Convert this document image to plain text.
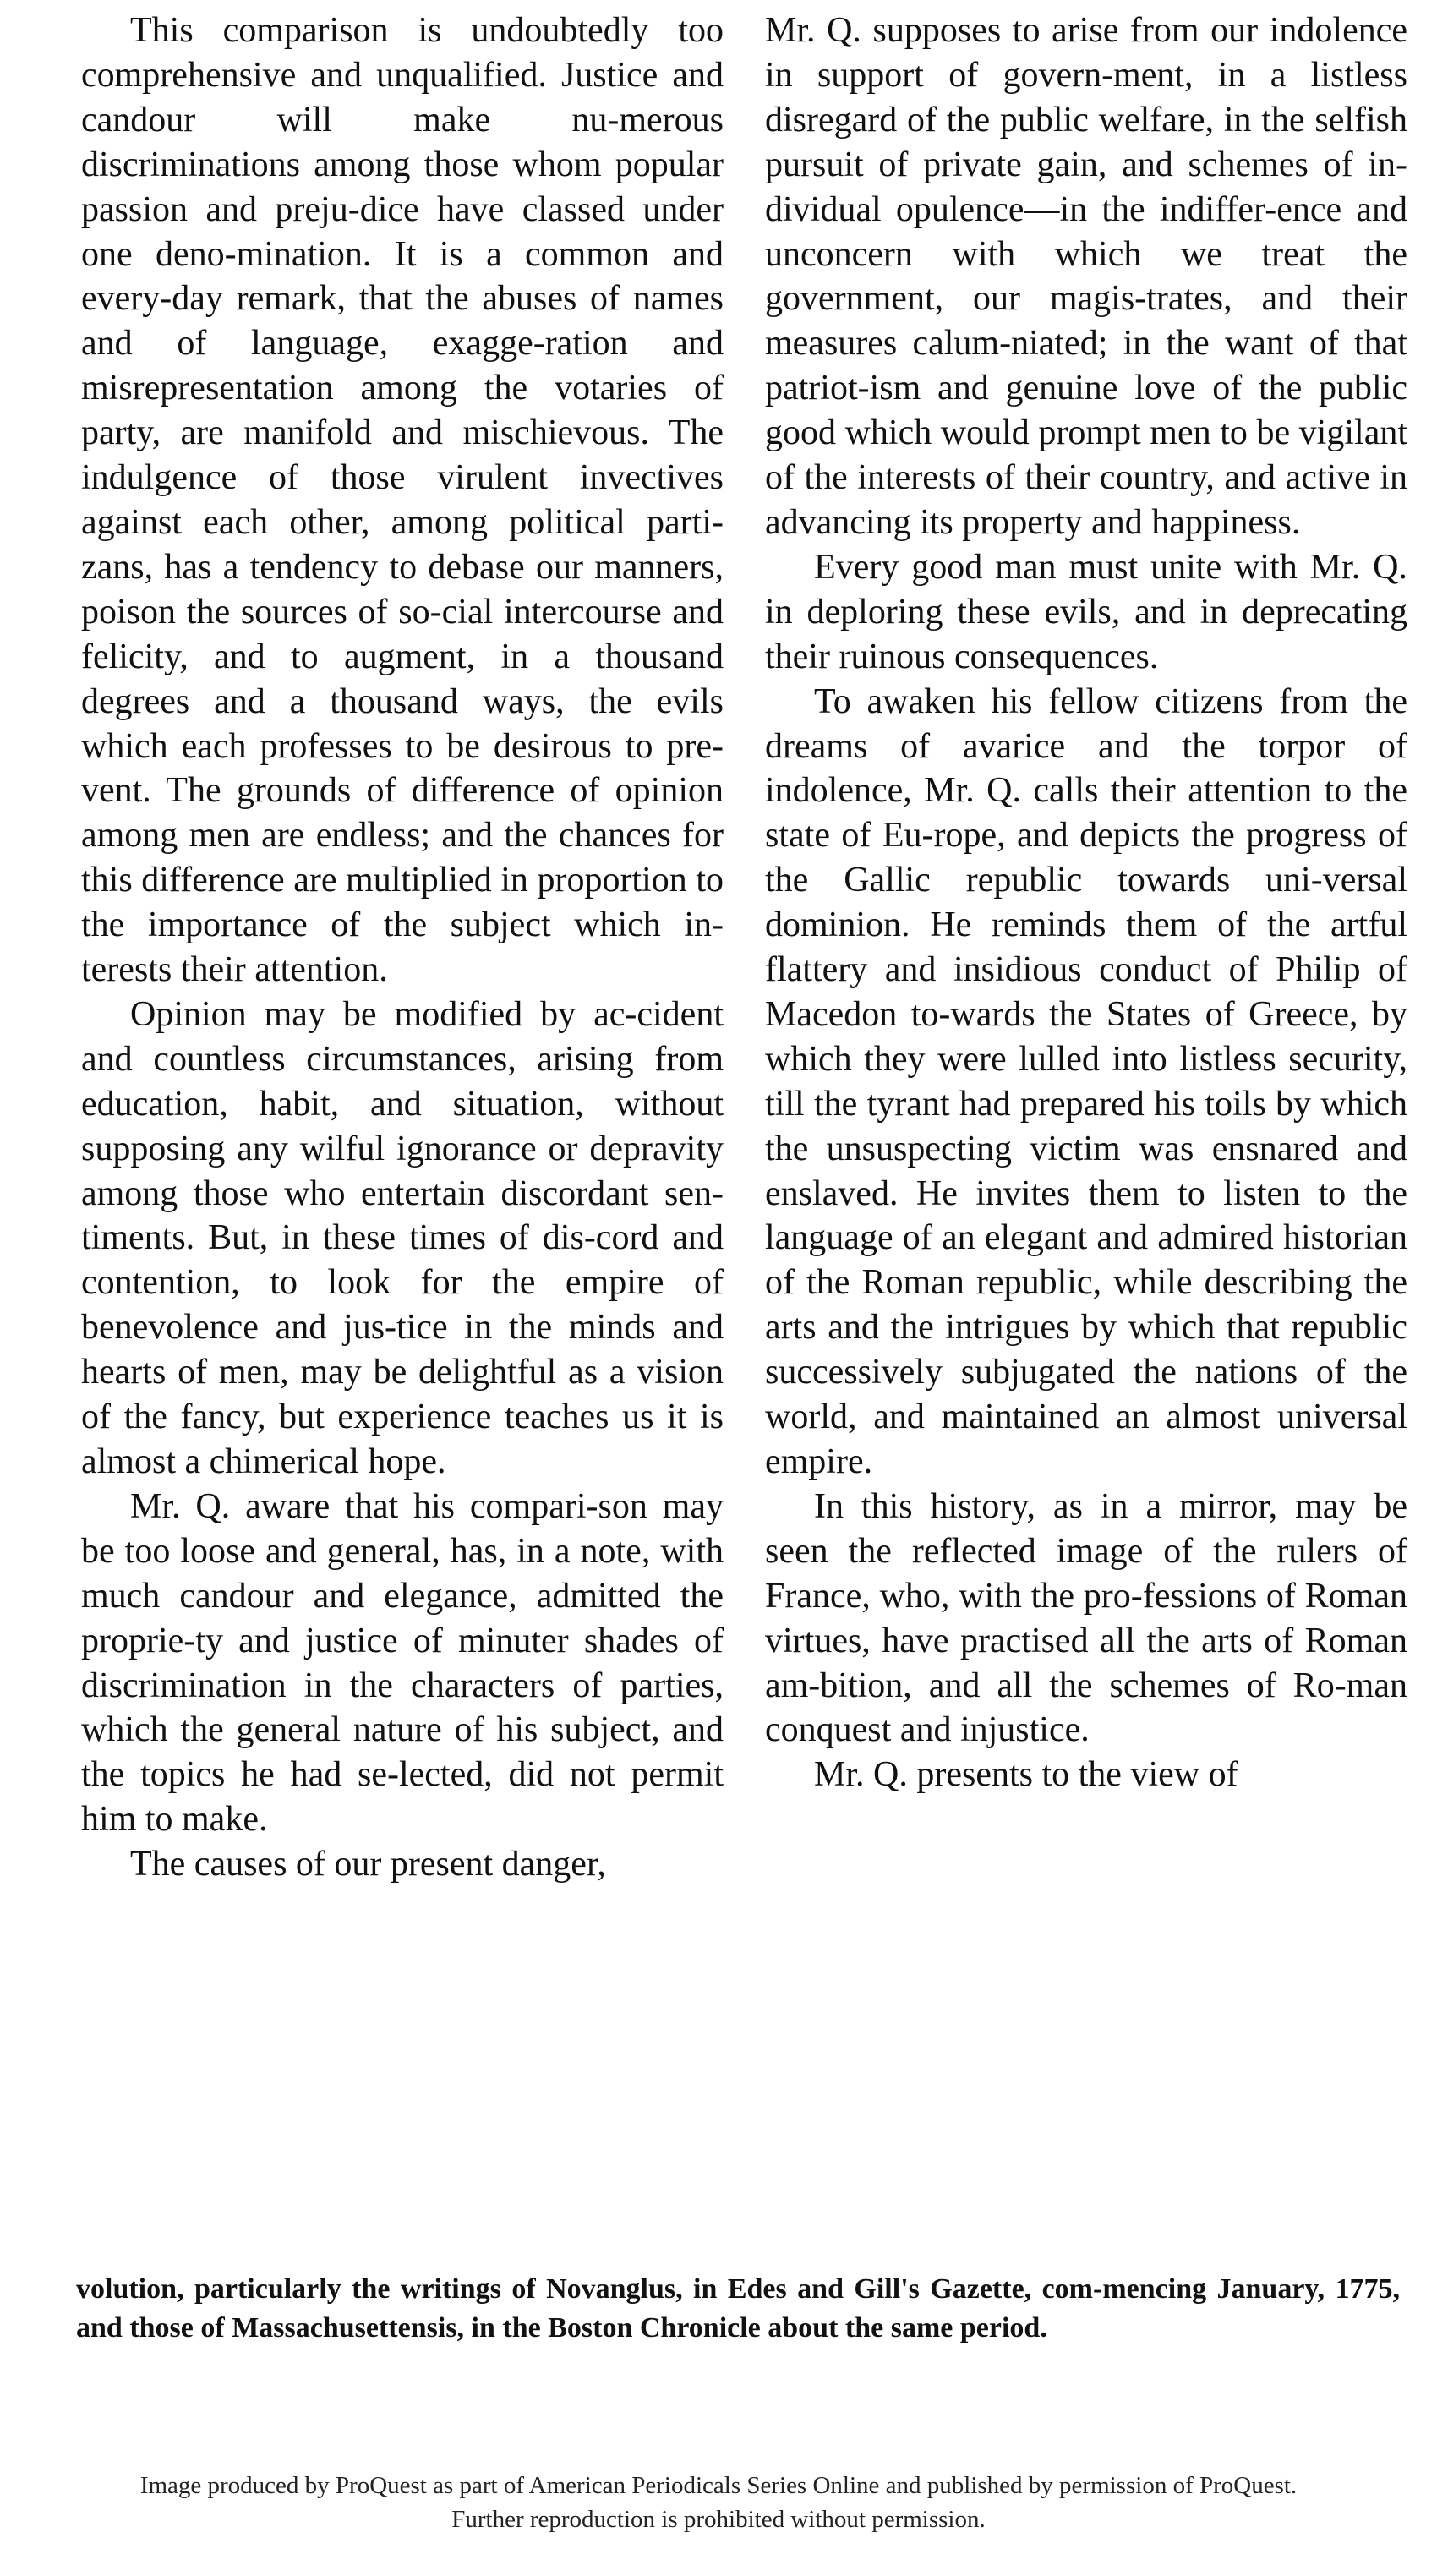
This comparison is undoubtedly too comprehensive and unqualified. Justice and candour will make nu-merous discriminations among those whom popular passion and preju-dice have classed under one deno-mination. It is a common and every-day remark, that the abuses of names and of language, exagge-ration and misrepresentation among the votaries of party, are manifold and mischievous. The indulgence of those virulent invectives against each other, among political parti-zans, has a tendency to debase our manners, poison the sources of so-cial intercourse and felicity, and to augment, in a thousand degrees and a thousand ways, the evils which each professes to be desirous to pre-vent. The grounds of difference of opinion among men are endless; and the chances for this difference are multiplied in proportion to the importance of the subject which in-terests their attention.

Opinion may be modified by ac-cident and countless circumstances, arising from education, habit, and situation, without supposing any wilful ignorance or depravity among those who entertain discordant sen-timents. But, in these times of dis-cord and contention, to look for the empire of benevolence and jus-tice in the minds and hearts of men, may be delightful as a vision of the fancy, but experience teaches us it is almost a chimerical hope.

Mr. Q. aware that his compari-son may be too loose and general, has, in a note, with much candour and elegance, admitted the proprie-ty and justice of minuter shades of discrimination in the characters of parties, which the general nature of his subject, and the topics he had se-lected, did not permit him to make.

The causes of our present danger,

Mr. Q. supposes to arise from our indolence in support of govern-ment, in a listless disregard of the public welfare, in the selfish pursuit of private gain, and schemes of in-dividual opulence—in the indiffer-ence and unconcern with which we treat the government, our magis-trates, and their measures calum-niated; in the want of that patriot-ism and genuine love of the public good which would prompt men to be vigilant of the interests of their country, and active in advancing its property and happiness.

Every good man must unite with Mr. Q. in deploring these evils, and in deprecating their ruinous consequences.

To awaken his fellow citizens from the dreams of avarice and the torpor of indolence, Mr. Q. calls their attention to the state of Eu-rope, and depicts the progress of the Gallic republic towards uni-versal dominion. He reminds them of the artful flattery and insidious conduct of Philip of Macedon to-wards the States of Greece, by which they were lulled into listless security, till the tyrant had prepared his toils by which the unsuspecting victim was ensnared and enslaved. He invites them to listen to the language of an elegant and admired historian of the Roman republic, while describing the arts and the intrigues by which that republic successively subjugated the nations of the world, and maintained an almost universal empire.

In this history, as in a mirror, may be seen the reflected image of the rulers of France, who, with the pro-fessions of Roman virtues, have practised all the arts of Roman am-bition, and all the schemes of Ro-man conquest and injustice.

Mr. Q. presents to the view of

volution, particularly the writings of Novanglus, in Edes and Gill's Gazette, com-mencing January, 1775, and those of Massachusettensis, in the Boston Chronicle about the same period.
Image produced by ProQuest as part of American Periodicals Series Online and published by permission of ProQuest.
Further reproduction is prohibited without permission.
